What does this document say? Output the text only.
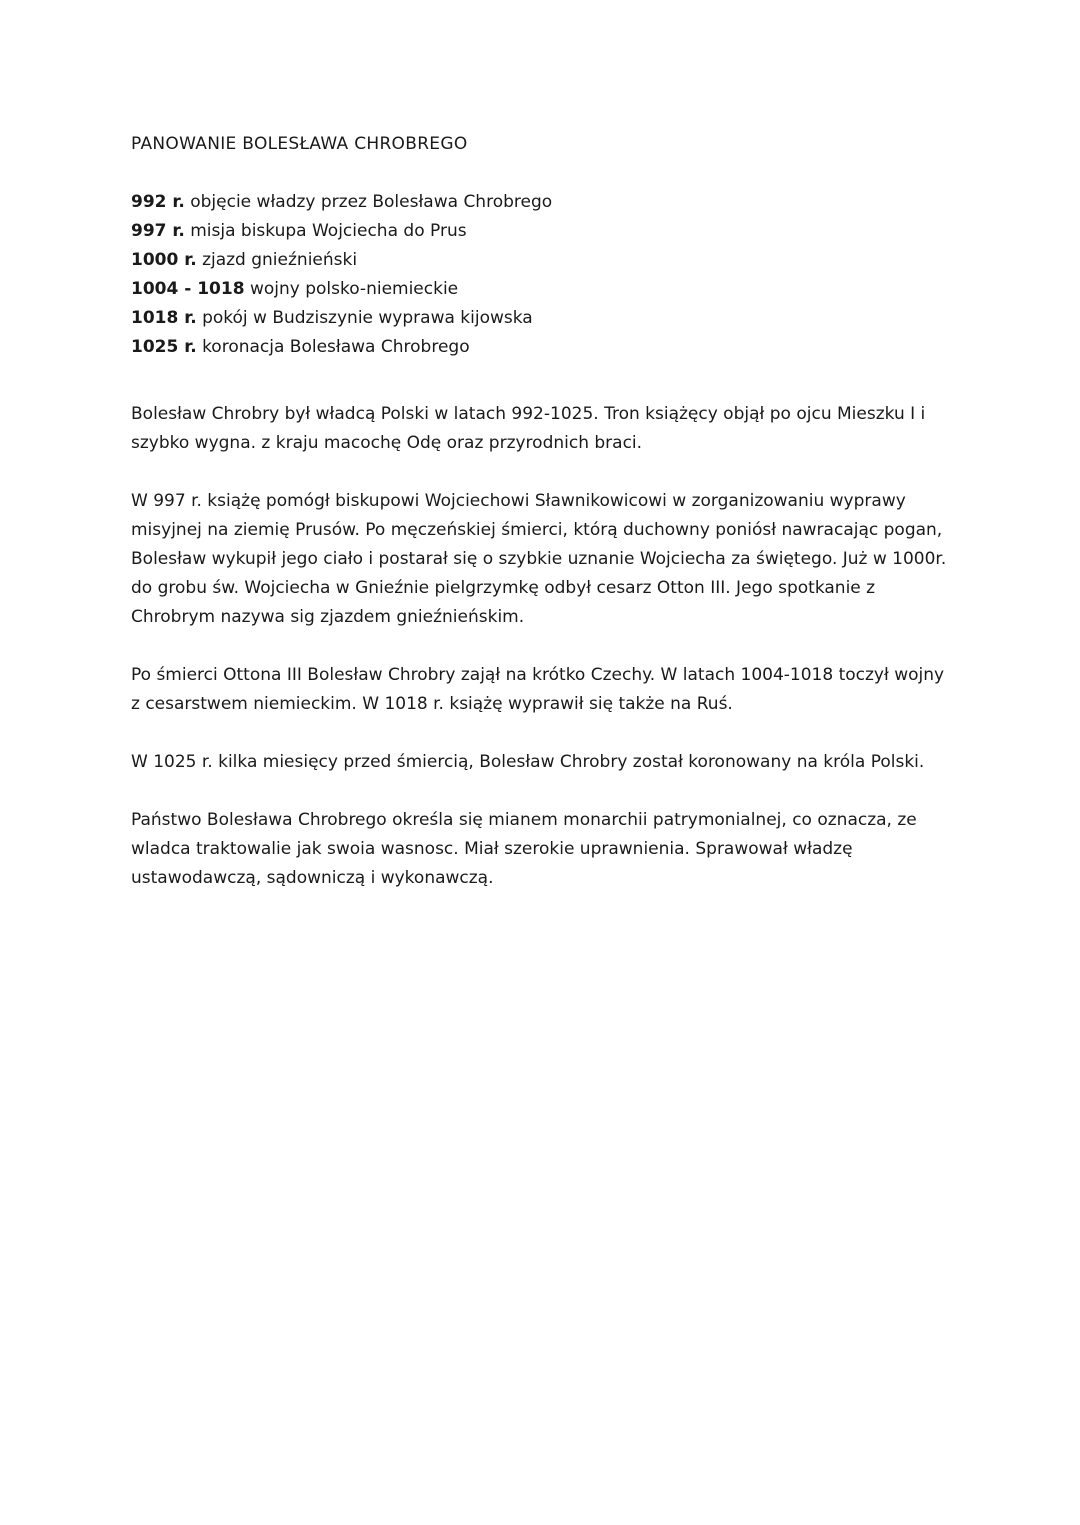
PANOWANIE BOLESŁAWA CHROBREGO
992 r. objęcie władzy przez Bolesława Chrobrego
997 r. misja biskupa Wojciecha do Prus
1000 r. zjazd gnieźnieński
1004 - 1018 wojny polsko-niemieckie
1018 r. pokój w Budziszynie wyprawa kijowska
1025 r. koronacja Bolesława Chrobrego

Bolesław Chrobry był władcą Polski w latach 992-1025. Tron książęcy objął po ojcu Mieszku I i szybko wygna. z kraju macochę Odę oraz przyrodnich braci.

W 997 r. książę pomógł biskupowi Wojciechowi Sławnikowicowi w zorganizowaniu wyprawy misyjnej na ziemię Prusów. Po męczeńskiej śmierci, którą duchowny poniósł nawracając pogan, Bolesław wykupił jego ciało i postarał się o szybkie uznanie Wojciecha za świętego. Już w 1000r. do grobu św. Wojciecha w Gnieźnie pielgrzymkę odbył cesarz Otton III. Jego spotkanie z Chrobrym nazywa sig zjazdem gnieźnieńskim.

Po śmierci Ottona III Bolesław Chrobry zajął na krótko Czechy. W latach 1004-1018 toczył wojny z cesarstwem niemieckim. W 1018 r. książę wyprawił się także na Ruś.

W 1025 r. kilka miesięcy przed śmiercią, Bolesław Chrobry został koronowany na króla Polski.

Państwo Bolesława Chrobrego określa się mianem monarchii patrymonialnej, co oznacza, ze wladca traktowalie jak swoia wasnosc. Miał szerokie uprawnienia. Sprawował władzę ustawodawczą, sądowniczą i wykonawczą.
